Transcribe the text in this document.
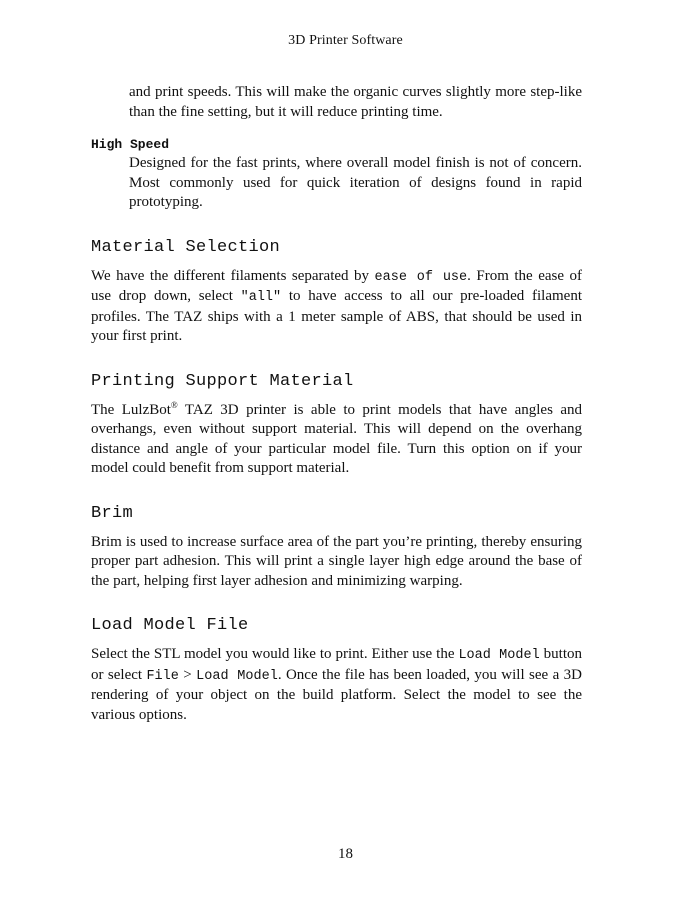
3D Printer Software

and print speeds. This will make the organic curves slightly more step-like than the fine setting, but it will reduce printing time.

High Speed

Designed for the fast prints, where overall model finish is not of concern. Most commonly used for quick iteration of designs found in rapid prototyping.

Material Selection

We have the different filaments separated by ease of use. From the ease of use drop down, select "all" to have access to all our pre-loaded filament profiles. The TAZ ships with a 1 meter sample of ABS, that should be used in your first print.

Printing Support Material

The LulzBot® TAZ 3D printer is able to print models that have angles and overhangs, even without support material. This will depend on the overhang distance and angle of your particular model file. Turn this option on if your model could benefit from support material.

Brim

Brim is used to increase surface area of the part you’re printing, thereby ensuring proper part adhesion. This will print a single layer high edge around the base of the part, helping first layer adhesion and minimizing warping.

Load Model File

Select the STL model you would like to print. Either use the Load Model button or select File > Load Model. Once the file has been loaded, you will see a 3D rendering of your object on the build platform. Select the model to see the various options.

18
